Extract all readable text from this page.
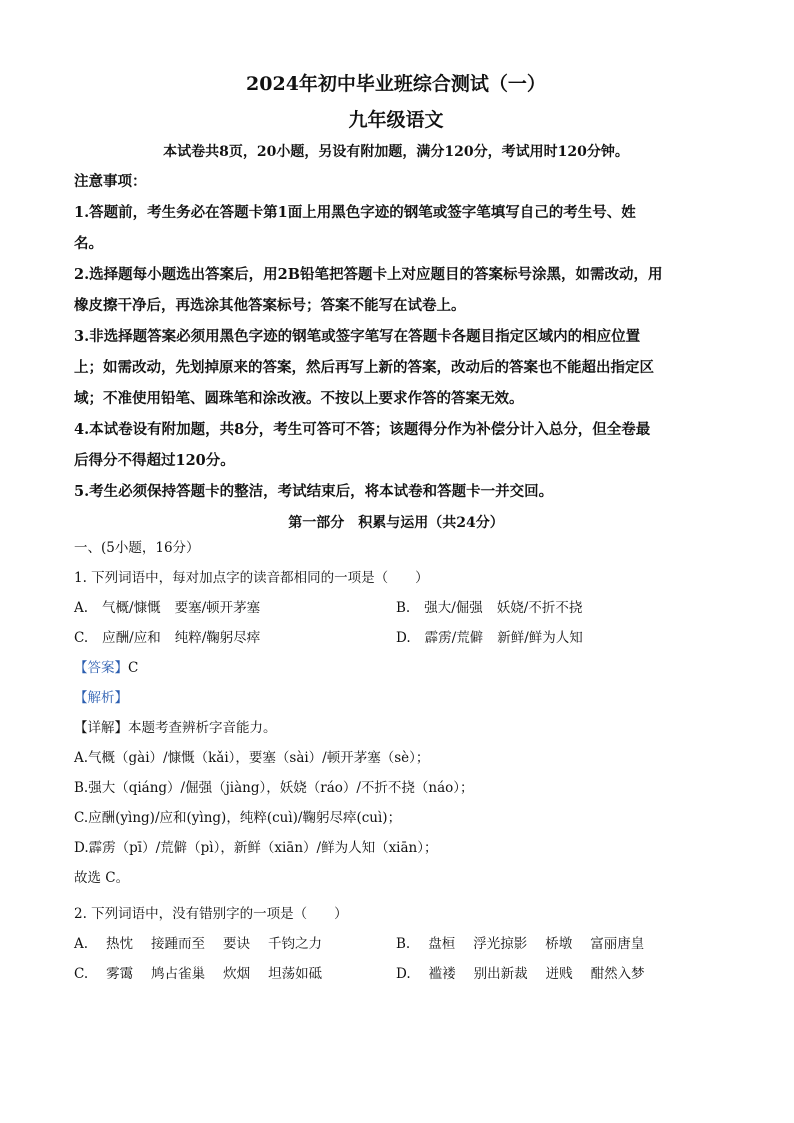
2024年初中毕业班综合测试（一）

九年级语文

本试卷共8页，20小题，另设有附加题，满分120分，考试用时120分钟。

注意事项：

1.答题前，考生务必在答题卡第1面上用黑色字迹的钢笔或签字笔填写自己的考生号、姓

名。

2.选择题每小题选出答案后，用2B铅笔把答题卡上对应题目的答案标号涂黑，如需改动，用

橡皮擦干净后，再选涂其他答案标号；答案不能写在试卷上。

3.非选择题答案必须用黑色字迹的钢笔或签字笔写在答题卡各题目指定区域内的相应位置

上；如需改动，先划掉原来的答案，然后再写上新的答案，改动后的答案也不能超出指定区

域；不准使用铅笔、圆珠笔和涂改液。不按以上要求作答的答案无效。

4.本试卷设有附加题，共8分，考生可答可不答；该题得分作为补偿分计入总分，但全卷最

后得分不得超过120分。

5.考生必须保持答题卡的整洁，考试结束后，将本试卷和答题卡一并交回。

第一部分　积累与运用（共24分）

一、(5小题，16分）

1. 下列词语中，每对加点字的读音都相同的一项是（　　）

A. 气概/慷慨 要塞/顿开茅塞	B. 强大/倔强 妖娆/不折不挠
C. 应酬/应和 纯粹/鞠躬尽瘁	D. 霹雳/荒僻 新鲜/鲜为人知

【答案】C

【解析】

【详解】本题考查辨析字音能力。

A.气概（gài）/慷慨（kǎi），要塞（sài）/顿开茅塞（sè）；

B.强大（qiáng）/倔强（jiàng），妖娆（ráo）/不折不挠（náo）；

C.应酬(yìng)/应和(yìng)，纯粹(cuì)/鞠躬尽瘁(cuì)；

D.霹雳（pī）/荒僻（pì），新鲜（xiān）/鲜为人知（xiān）；

故选 C。

2. 下列词语中，没有错别字的一项是（　　）

A. 热忱 接踵而至 要诀 千钧之力	B. 盘桓 浮光掠影 桥墩 富丽唐皇
C. 雾霭 鸠占雀巢 炊烟 坦荡如砥	D. 褴褛 别出新裁 迸贱 酣然入梦
